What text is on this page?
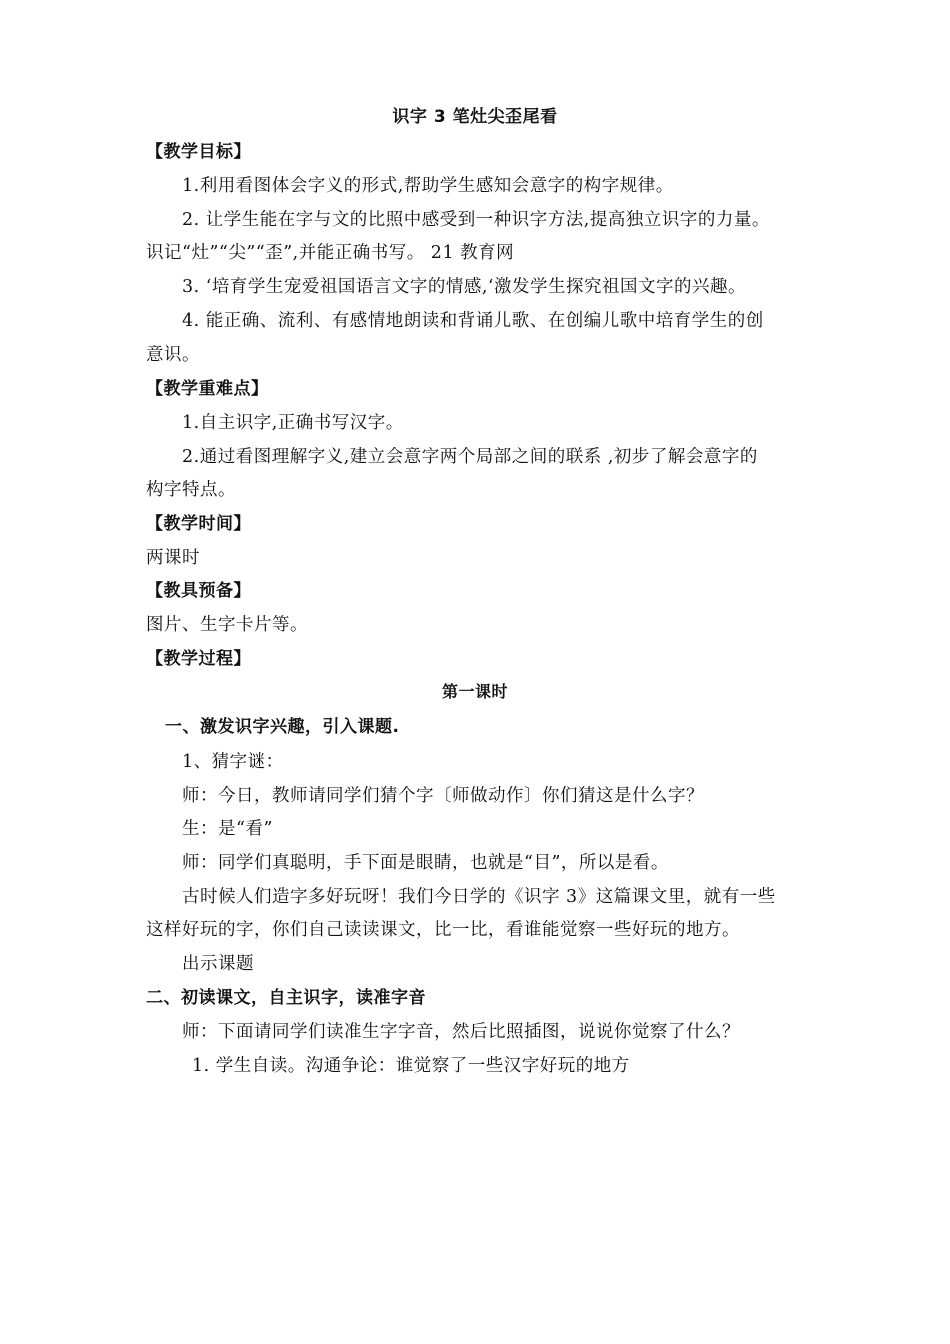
识字 3 笔灶尖歪尾看
【教学目标】
1.利用看图体会字义的形式,帮助学生感知会意字的构字规律。
2. 让学生能在字与文的比照中感受到一种识字方法,提高独立识字的力量。
识记“灶”“尖”“歪”,并能正确书写。 21 教育网
3. ‘培育学生宠爱祖国语言文字的情感,‘激发学生探究祖国文字的兴趣。
4. 能正确、流利、有感情地朗读和背诵儿歌、在创编儿歌中培育学生的创
意识。
【教学重难点】
1.自主识字,正确书写汉字。
2.通过看图理解字义,建立会意字两个局部之间的联系 ,初步了解会意字的
构字特点。
【教学时间】
两课时
【教具预备】
图片、生字卡片等。
【教学过程】
第一课时
一、激发识字兴趣，引入课题.
1、猜字谜：
师：今日，教师请同学们猜个字〔师做动作〕你们猜这是什么字？
生：是“看”
师：同学们真聪明，手下面是眼睛，也就是“目”，所以是看。
古时候人们造字多好玩呀！我们今日学的《识字 3》这篇课文里，就有一些
这样好玩的字，你们自己读读课文，比一比，看谁能觉察一些好玩的地方。
出示课题
二、初读课文，自主识字，读准字音
师：下面请同学们读准生字字音，然后比照插图，说说你觉察了什么？
1. 学生自读。沟通争论：谁觉察了一些汉字好玩的地方
